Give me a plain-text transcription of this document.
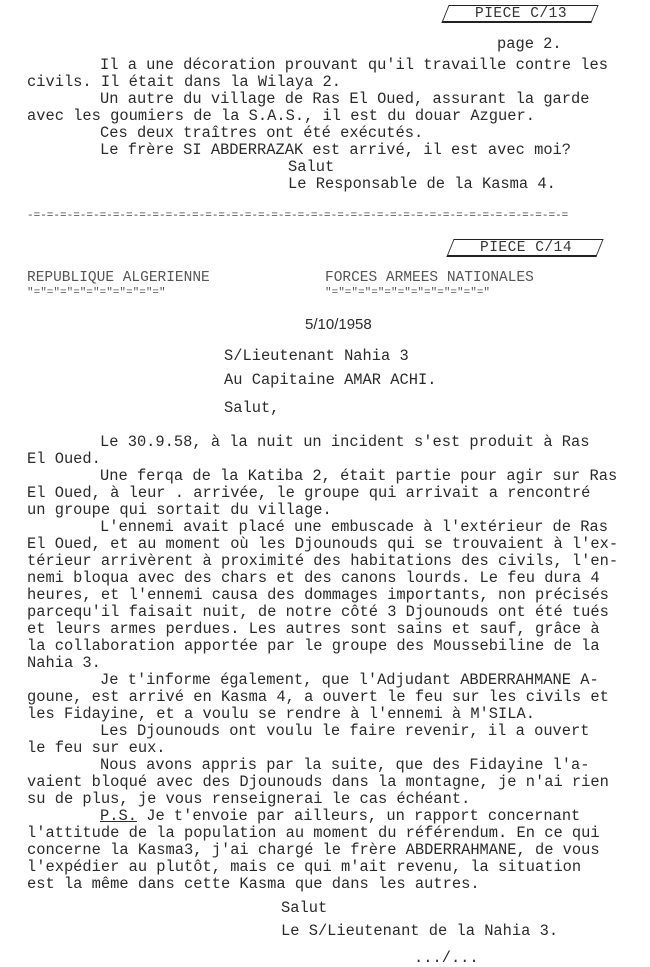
PIECE C/13
page 2.
Il a une décoration prouvant qu'il travaille contre les
civils. Il était dans la Wilaya 2.
Un autre du village de Ras El Oued, assurant la garde
avec les goumiers de la S.A.S., il est du douar Azguer.
Ces deux traîtres ont été exécutés.
Le frère SI ABDERRAZAK est arrivé, il est avec moi?
Salut
Le Responsable de la Kasma 4.
-=-=-=-=-=-=-=-=-=-=-=-=-=-=-=-=-=-=-=-=-=-=-=-=-=-=-=-=-=-=-=-=-=-=-=-=-=-=-=-=-=
PIECE C/14
REPUBLIQUE ALGERIENNE
"="="="="="="="="="="
FORCES ARMEES NATIONALES
"="="="="="="="="="="="="
5/10/1958
S/Lieutenant Nahia 3
Au Capitaine AMAR ACHI.
Salut,
Le 30.9.58, à la nuit un incident s'est produit à Ras
El Oued.
Une ferqa de la Katiba 2, était partie pour agir sur Ras
El Oued, à leur . arrivée, le groupe qui arrivait a rencontré
un groupe qui sortait du village.
L'ennemi avait placé une embuscade à l'extérieur de Ras
El Oued, et au moment où les Djounouds qui se trouvaient à l'ex-
térieur arrivèrent à proximité des habitations des civils, l'en-
nemi bloqua avec des chars et des canons lourds. Le feu dura 4
heures, et l'ennemi causa des dommages importants, non précisés
parcequ'il faisait nuit, de notre côté 3 Djounouds ont été tués
et leurs armes perdues. Les autres sont sains et sauf, grâce à
la collaboration apportée par le groupe des Moussebiline de la
Nahia 3.
Je t'informe également, que l'Adjudant ABDERRAHMANE A-
goune, est arrivé en Kasma 4, a ouvert le feu sur les civils et
les Fidayine, et a voulu se rendre à l'ennemi à M'SILA.
Les Djounouds ont voulu le faire revenir, il a ouvert
le feu sur eux.
Nous avons appris par la suite, que des Fidayine l'a-
vaient bloqué avec des Djounouds dans la montagne, je n'ai rien
su de plus, je vous renseignerai le cas échéant.
P.S. Je t'envoie par ailleurs, un rapport concernant
l'attitude de la population au moment du référendum. En ce qui
concerne la Kasma3, j'ai chargé le frère ABDERRAHMANE, de vous
l'expédier au plutôt, mais ce qui m'ait revenu, la situation
est la même dans cette Kasma que dans les autres.
Salut
Le S/Lieutenant de la Nahia 3.
.../...
